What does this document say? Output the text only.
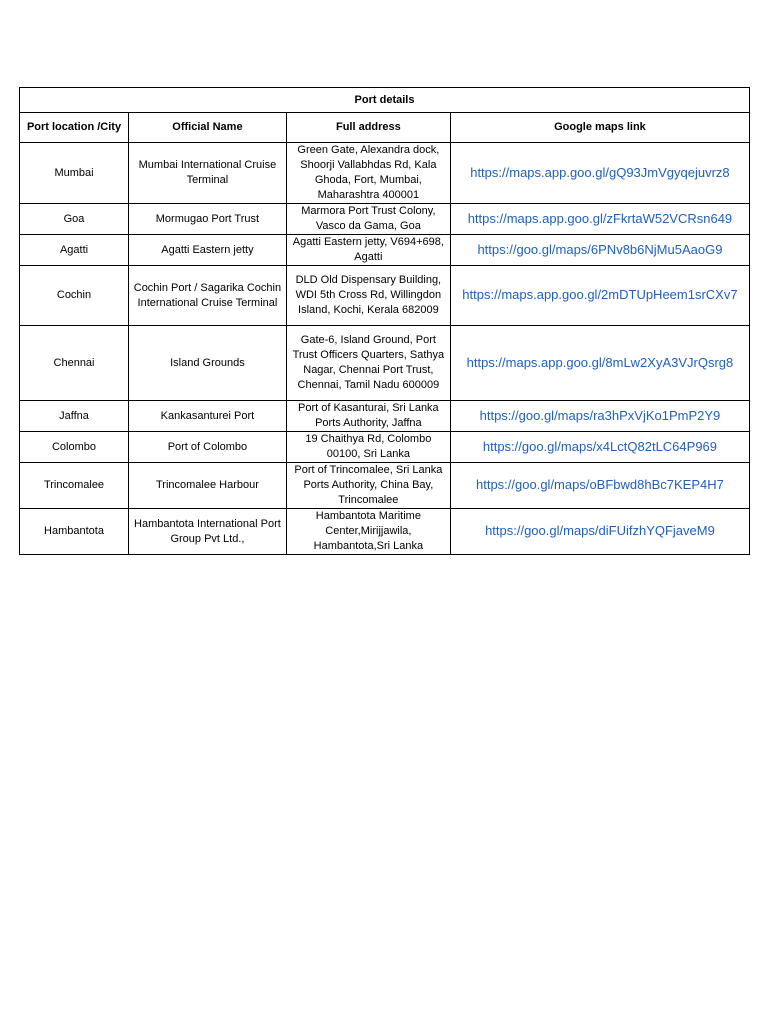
Port details			
Port location /City	Official Name	Full address	Google maps link
Mumbai	Mumbai International Cruise Terminal	Green Gate, Alexandra dock, Shoorji Vallabhdas Rd, Kala Ghoda, Fort, Mumbai, Maharashtra 400001	https://maps.app.goo.gl/gQ93JmVgyqejuvrz8
Goa	Mormugao Port Trust	Marmora Port Trust Colony, Vasco da Gama, Goa	https://maps.app.goo.gl/zFkrtaW52VCRsn649
Agatti	Agatti Eastern jetty	Agatti Eastern jetty, V694+698, Agatti	https://goo.gl/maps/6PNv8b6NjMu5AaoG9
Cochin	Cochin Port / Sagarika Cochin International Cruise Terminal	DLD Old Dispensary Building, WDI 5th Cross Rd, Willingdon Island, Kochi, Kerala 682009	https://maps.app.goo.gl/2mDTUpHeem1srCXv7
Chennai	Island Grounds	Gate-6, Island Ground, Port Trust Officers Quarters, Sathya Nagar, Chennai Port Trust, Chennai, Tamil Nadu 600009	https://maps.app.goo.gl/8mLw2XyA3VJrQsrg8
Jaffna	Kankasanturei Port	Port of Kasanturai, Sri Lanka Ports Authority, Jaffna	https://goo.gl/maps/ra3hPxVjKo1PmP2Y9
Colombo	Port of Colombo	19 Chaithya Rd, Colombo 00100, Sri Lanka	https://goo.gl/maps/x4LctQ82tLC64P969
Trincomalee	Trincomalee Harbour	Port of Trincomalee, Sri Lanka Ports Authority, China Bay, Trincomalee	https://goo.gl/maps/oBFbwd8hBc7KEP4H7
Hambantota	Hambantota International Port Group Pvt Ltd.,	Hambantota Maritime Center,Mirijjawila, Hambantota,Sri Lanka	https://goo.gl/maps/diFUifzhYQFjaveM9
